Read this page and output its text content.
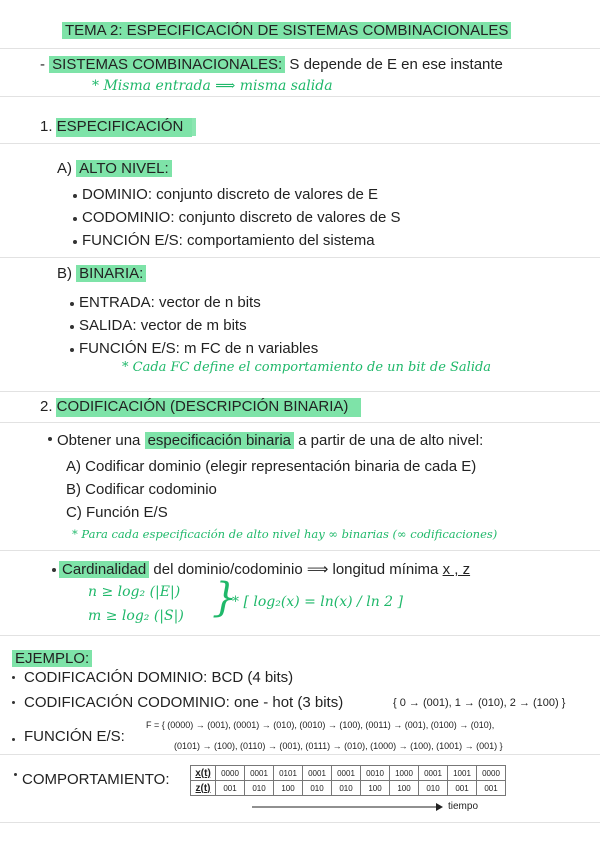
TEMA 2: ESPECIFICACIÓN DE SISTEMAS COMBINACIONALES
- SISTEMAS COMBINACIONALES: S depende de E en ese instante
* Misma entrada ⟹ misma salida
1. ESPECIFICACIÓN
A) ALTO NIVEL:
DOMINIO: conjunto discreto de valores de E
CODOMINIO: conjunto discreto de valores de S
FUNCIÓN E/S: comportamiento del sistema
B) BINARIA:
ENTRADA: vector de n bits
SALIDA: vector de m bits
FUNCIÓN E/S: m FC de n variables
* Cada FC define el comportamiento de un bit de Salida
2. CODIFICACIÓN (DESCRIPCIÓN BINARIA)
Obtener una especificación binaria a partir de una de alto nivel:
A) Codificar dominio (elegir representación binaria de cada E)
B) Codificar codominio
C) Función E/S
* Para cada especificación de alto nivel hay ∞ binarias (∞ codificaciones)
Cardinalidad del dominio/codominio ⟹ longitud mínima x , z
n ≥ log₂ (|E|)
m ≥ log₂ (|S|) }
* [ log₂(x) = ln(x) / ln 2 ]
EJEMPLO:
CODIFICACIÓN DOMINIO: BCD (4 bits)
CODIFICACIÓN CODOMINIO: one - hot (3 bits)	{ 0 → (001), 1 → (010), 2 → (100) }
FUNCIÓN E/S:
F = { (0000) → (001), (0001) → (010), (0010) → (100), (0011) → (001), (0100) → (010),
(0101) → (100), (0110) → (001), (0111) → (010), (1000) → (100), (1001) → (001) }
COMPORTAMIENTO:	x(t)	0000	0001	0101	0001	0001	0010	1000	0001	1001	0000
z(t)	001	010	100	010	010	100	100	010	001	001
tiempo
